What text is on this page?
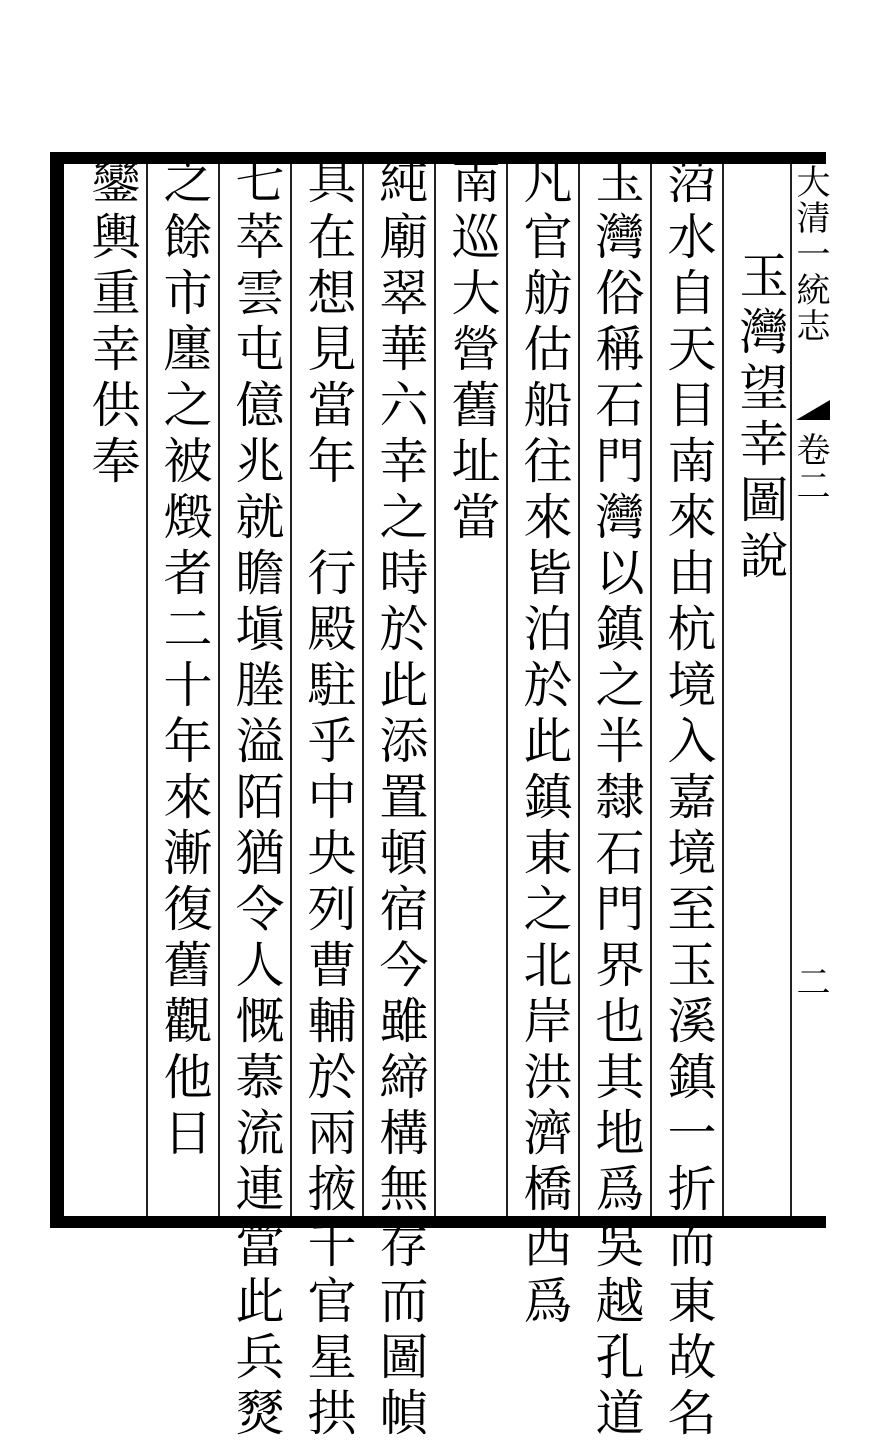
大清一統志
卷二
二
玉灣望幸圖說
菬水自天目南來由杭境入嘉境至玉溪鎮一折而東故名
玉灣俗稱石門灣以鎮之半隸石門界也其地爲吳越孔道
凡官舫估船往來皆泊於此鎮東之北岸洪濟橋西爲
南巡大營舊址當
純廟翠華六幸之時於此添置頓宿今雖締構無存而圖幀
具在想見當年　行殿駐乎中央列曹輔於兩掖千官星拱
七萃雲屯億兆就瞻塡塍溢陌猶令人慨慕流連當此兵燹
之餘市廛之被燬者二十年來漸復舊觀他日
鑾輿重幸供奉
